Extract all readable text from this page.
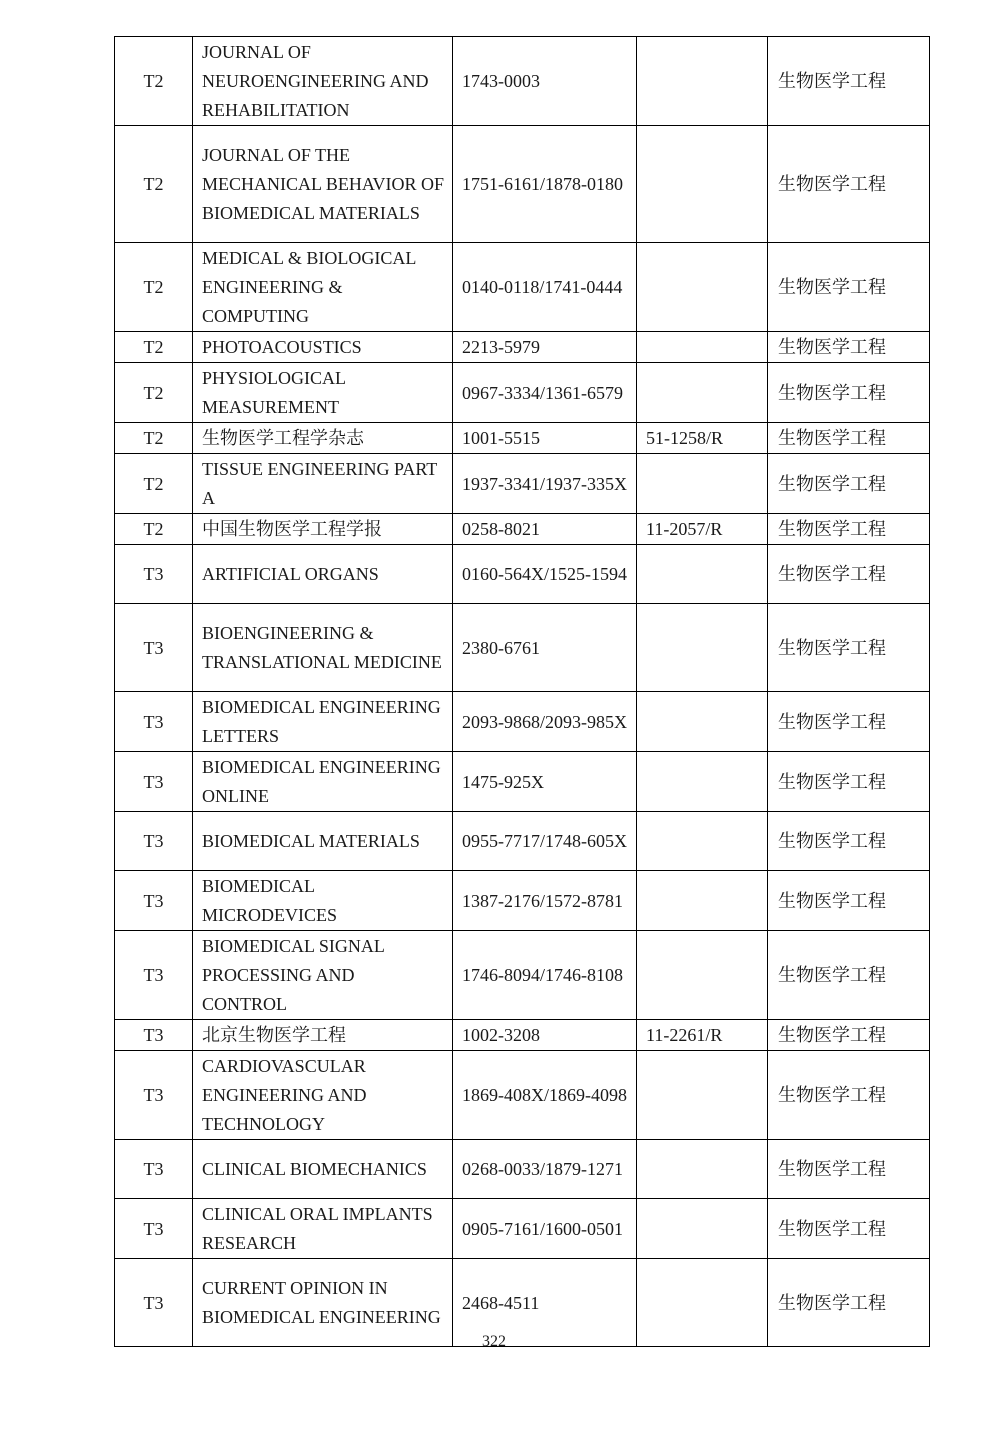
T2	JOURNAL OF NEUROENGINEERING AND REHABILITATION	1743-0003		生物医学工程
T2	JOURNAL OF THE MECHANICAL BEHAVIOR OF BIOMEDICAL MATERIALS	1751-6161/1878-0180		生物医学工程
T2	MEDICAL & BIOLOGICAL ENGINEERING & COMPUTING	0140-0118/1741-0444		生物医学工程
T2	PHOTOACOUSTICS	2213-5979		生物医学工程
T2	PHYSIOLOGICAL MEASUREMENT	0967-3334/1361-6579		生物医学工程
T2	生物医学工程学杂志	1001-5515	51-1258/R	生物医学工程
T2	TISSUE ENGINEERING PART A	1937-3341/1937-335X		生物医学工程
T2	中国生物医学工程学报	0258-8021	11-2057/R	生物医学工程
T3	ARTIFICIAL ORGANS	0160-564X/1525-1594		生物医学工程
T3	BIOENGINEERING & TRANSLATIONAL MEDICINE	2380-6761		生物医学工程
T3	BIOMEDICAL ENGINEERING LETTERS	2093-9868/2093-985X		生物医学工程
T3	BIOMEDICAL ENGINEERING ONLINE	1475-925X		生物医学工程
T3	BIOMEDICAL MATERIALS	0955-7717/1748-605X		生物医学工程
T3	BIOMEDICAL MICRODEVICES	1387-2176/1572-8781		生物医学工程
T3	BIOMEDICAL SIGNAL PROCESSING AND CONTROL	1746-8094/1746-8108		生物医学工程
T3	北京生物医学工程	1002-3208	11-2261/R	生物医学工程
T3	CARDIOVASCULAR ENGINEERING AND TECHNOLOGY	1869-408X/1869-4098		生物医学工程
T3	CLINICAL BIOMECHANICS	0268-0033/1879-1271		生物医学工程
T3	CLINICAL ORAL IMPLANTS RESEARCH	0905-7161/1600-0501		生物医学工程
T3	CURRENT OPINION IN BIOMEDICAL ENGINEERING	2468-4511		生物医学工程
322
